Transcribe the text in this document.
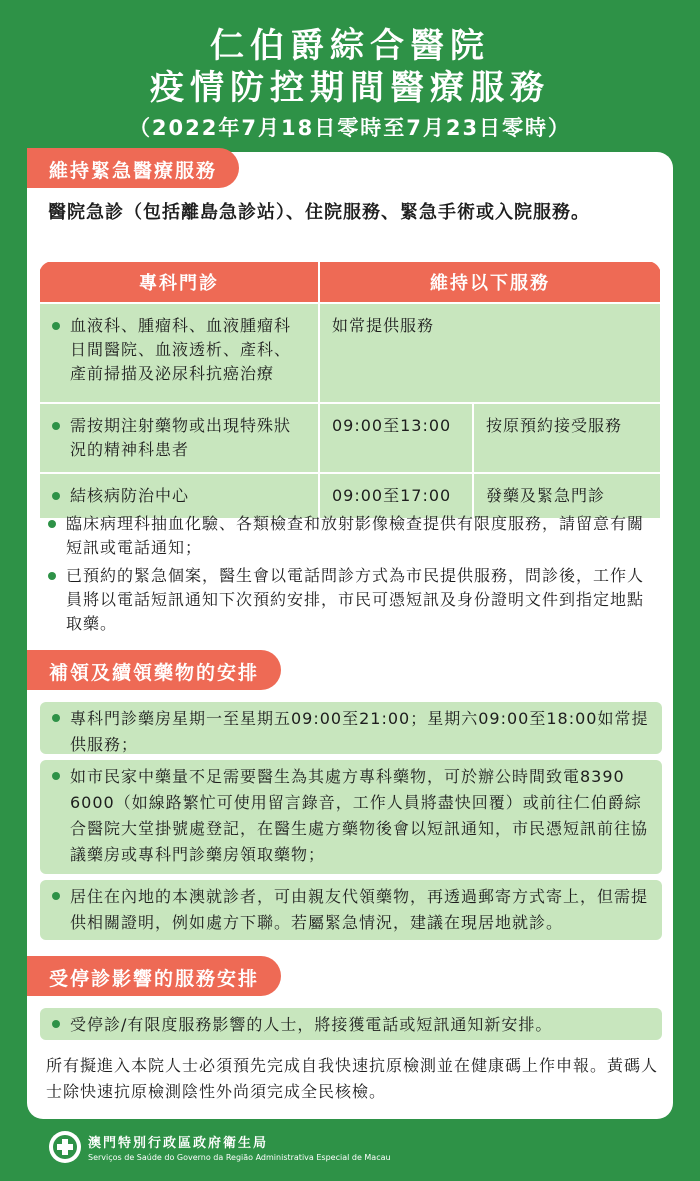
仁伯爵綜合醫院
疫情防控期間醫療服務
（2022年7月18日零時至7月23日零時）
維持緊急醫療服務
醫院急診（包括離島急診站）、住院服務、緊急手術或入院服務。
專科門診	維持以下服務	

血液科、腫瘤科、血液腫瘤科日間醫院、血液透析、產科、產前掃描及泌尿科抗癌治療	如常提供服務	

需按期注射藥物或出現特殊狀況的精神科患者	09:00至13:00	按原預約接受服務

結核病防治中心	09:00至17:00	發藥及緊急門診
臨床病理科抽血化驗、各類檢查和放射影像檢查提供有限度服務，請留意有關短訊或電話通知；
已預約的緊急個案，醫生會以電話問診方式為市民提供服務，問診後，工作人員將以電話短訊通知下次預約安排，市民可憑短訊及身份證明文件到指定地點取藥。
補領及續領藥物的安排
專科門診藥房星期一至星期五09:00至21:00；星期六09:00至18:00如常提供服務；
如市民家中藥量不足需要醫生為其處方專科藥物，可於辦公時間致電8390 6000（如線路繁忙可使用留言錄音，工作人員將盡快回覆）或前往仁伯爵綜合醫院大堂掛號處登記，在醫生處方藥物後會以短訊通知，市民憑短訊前往協議藥房或專科門診藥房領取藥物；
居住在內地的本澳就診者，可由親友代領藥物，再透過郵寄方式寄上，但需提供相關證明，例如處方下聯。若屬緊急情況，建議在現居地就診。
受停診影響的服務安排
受停診/有限度服務影響的人士，將接獲電話或短訊通知新安排。
所有擬進入本院人士必須預先完成自我快速抗原檢測並在健康碼上作申報。黃碼人士除快速抗原檢測陰性外尚須完成全民核檢。
澳門特別行政區政府衛生局
Serviços de Saúde do Governo da Região Administrativa Especial de Macau
